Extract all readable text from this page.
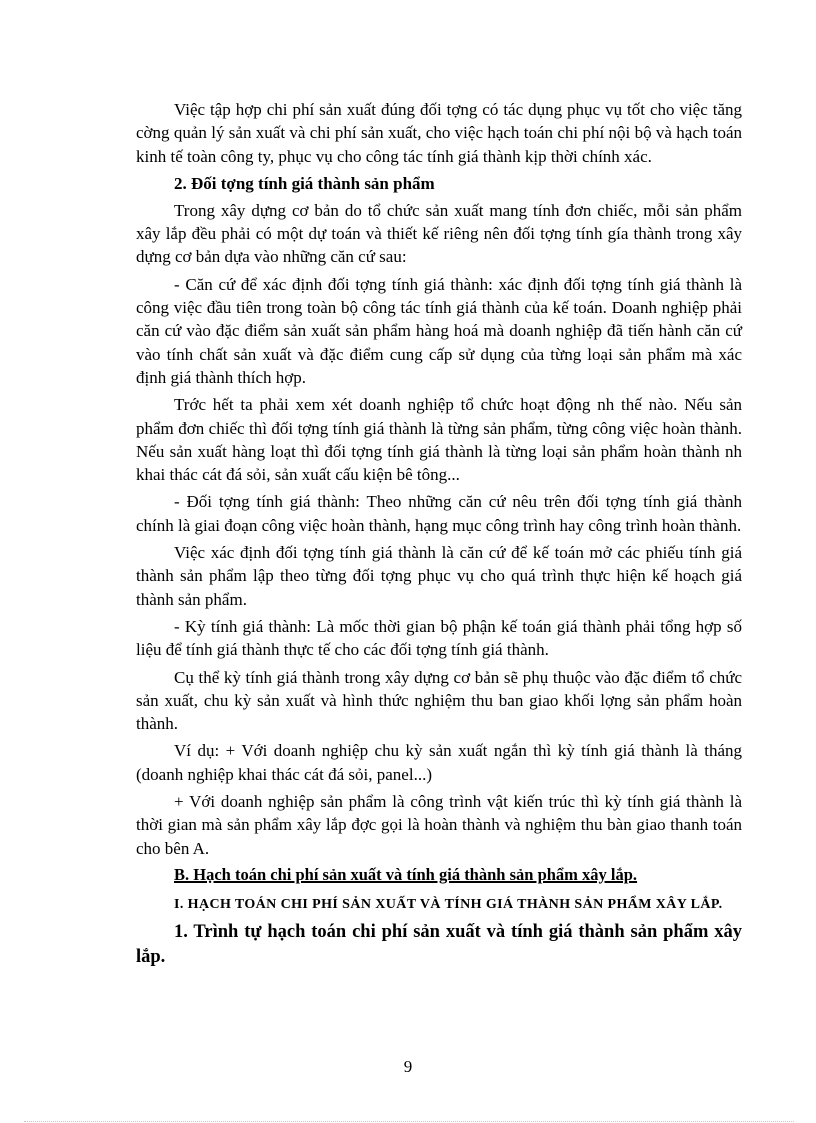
Việc tập hợp chi phí sản xuất đúng đối tợng có tác dụng phục vụ tốt cho việc tăng cờng quản lý sản xuất và chi phí sản xuất, cho việc hạch toán chi phí nội bộ và hạch toán kinh tế toàn công ty, phục vụ cho công tác tính giá thành kịp thời chính xác.

2. Đối tợng tính giá thành sản phẩm

Trong xây dựng cơ bản do tổ chức sản xuất mang tính đơn chiếc, mỗi sản phẩm xây lắp đều phải có một dự toán và thiết kế riêng nên đối tợng tính gía thành trong xây dựng cơ bản dựa vào những căn cứ sau:

- Căn cứ để xác định đối tợng tính giá thành: xác định đối tợng tính giá thành là công việc đầu tiên trong toàn bộ công tác tính giá thành của kế toán. Doanh nghiệp phải căn cứ vào đặc điểm sản xuất sản phẩm hàng hoá mà doanh nghiệp đã tiến hành căn cứ vào tính chất sản xuất và đặc điểm cung cấp sử dụng của từng loại sản phẩm mà xác định giá thành thích hợp.

Trớc hết ta phải xem xét doanh nghiệp tổ chức hoạt động nh thế nào. Nếu sản phẩm đơn chiếc thì đối tợng tính giá thành là từng sản phẩm, từng công việc hoàn thành. Nếu sản xuất hàng loạt thì đối tợng tính giá thành là từng loại sản phẩm hoàn thành nh khai thác cát đá sỏi, sản xuất cấu kiện bê tông...

- Đối tợng tính giá thành: Theo những căn cứ nêu trên đối tợng tính giá thành chính là giai đoạn công việc hoàn thành, hạng mục công trình hay công trình hoàn thành.

Việc xác định đối tợng tính giá thành là căn cứ để kế toán mở các phiếu tính giá thành sản phẩm lập theo từng đối tợng phục vụ cho quá trình thực hiện kế hoạch giá thành sản phẩm.

- Kỳ tính giá thành: Là mốc thời gian bộ phận kế toán giá thành phải tổng hợp số liệu để tính giá thành thực tế cho các đối tợng tính giá thành.

Cụ thể kỳ tính giá thành trong xây dựng cơ bản sẽ phụ thuộc vào đặc điểm tổ chức sản xuất, chu kỳ sản xuất và hình thức nghiệm thu ban giao khối lợng sản phẩm hoàn thành.

Ví dụ: + Với doanh nghiệp chu kỳ sản xuất ngắn thì kỳ tính giá thành là tháng (doanh nghiệp khai thác cát đá sỏi, panel...)

+ Với doanh nghiệp sản phẩm là công trình vật kiến trúc thì kỳ tính giá thành là thời gian mà sản phẩm xây lắp đợc gọi là hoàn thành và nghiệm thu bàn giao thanh toán cho bên A.

B. Hạch toán chi phí sản xuất và tính giá thành sản phẩm xây lắp.

I. HẠCH TOÁN CHI PHÍ SẢN XUẤT VÀ TÍNH GIÁ THÀNH SẢN PHẨM XÂY LẮP.

1. Trình tự hạch toán chi phí sản xuất và tính giá thành sản phẩm xây lắp.

9
